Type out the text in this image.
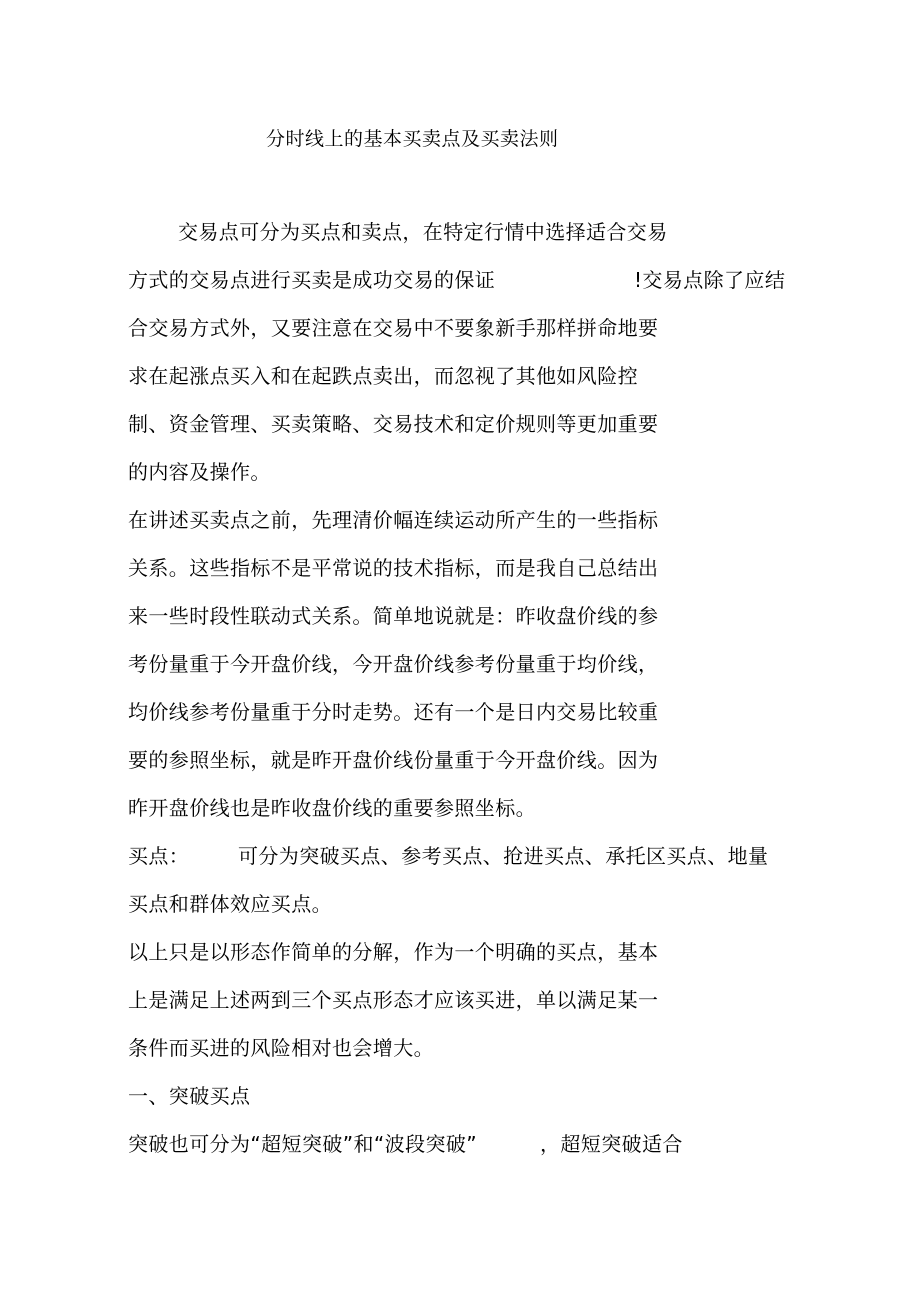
分时线上的基本买卖点及买卖法则
交易点可分为买点和卖点，在特定行情中选择适合交易
方式的交易点进行买卖是成功交易的保证	!交易点除了应结
合交易方式外，又要注意在交易中不要象新手那样拼命地要
求在起涨点买入和在起跌点卖出，而忽视了其他如风险控
制、资金管理、买卖策略、交易技术和定价规则等更加重要
的内容及操作。
在讲述买卖点之前，先理清价幅连续运动所产生的一些指标
关系。这些指标不是平常说的技术指标，而是我自己总结出
来一些时段性联动式关系。简单地说就是：昨收盘价线的参
考份量重于今开盘价线，今开盘价线参考份量重于均价线，
均价线参考份量重于分时走势。还有一个是日内交易比较重
要的参照坐标，就是昨开盘价线份量重于今开盘价线。因为
昨开盘价线也是昨收盘价线的重要参照坐标。
买点： 可分为突破买点、参考买点、抢进买点、承托区买点、地量
买点和群体效应买点。
以上只是以形态作简单的分解，作为一个明确的买点，基本
上是满足上述两到三个买点形态才应该买进，单以满足某一
条件而买进的风险相对也会增大。
一、突破买点
突破也可分为“超短突破”和“波段突破”	，超短突破适合
